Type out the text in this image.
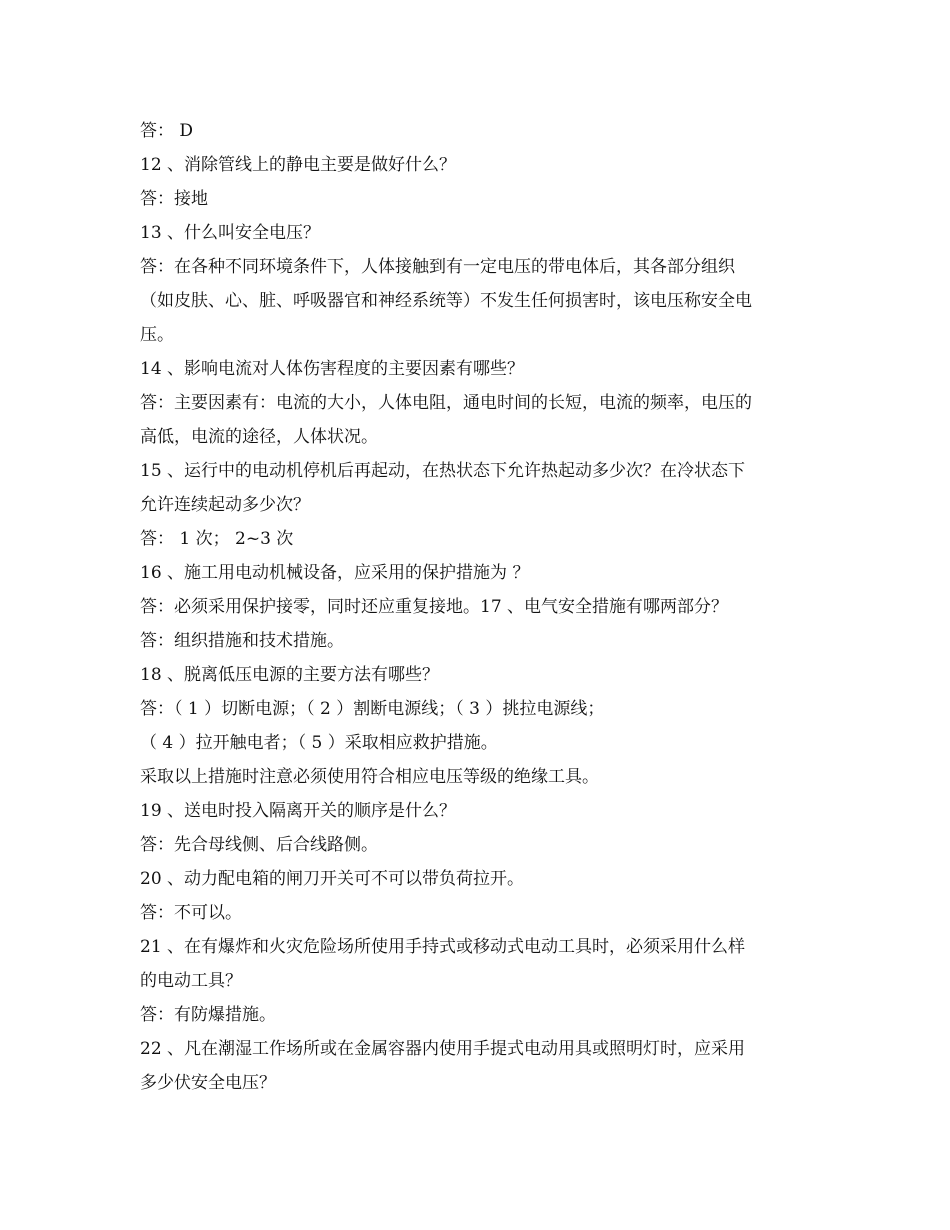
答： D
12 、消除管线上的静电主要是做好什么？
答：接地
13 、什么叫安全电压？
答：在各种不同环境条件下，人体接触到有一定电压的带电体后，其各部分组织
（如皮肤、心、脏、呼吸器官和神经系统等）不发生任何损害时，该电压称安全电
压。
14 、影响电流对人体伤害程度的主要因素有哪些？
答：主要因素有：电流的大小，人体电阻，通电时间的长短，电流的频率，电压的
高低，电流的途径，人体状况。
15 、运行中的电动机停机后再起动，在热状态下允许热起动多少次？在冷状态下
允许连续起动多少次？
答： 1 次； 2~3 次
16 、施工用电动机械设备，应采用的保护措施为 ？
答：必须采用保护接零，同时还应重复接地。17 、电气安全措施有哪两部分？
答：组织措施和技术措施。
18 、脱离低压电源的主要方法有哪些？
答：（ 1 ）切断电源；（ 2 ）割断电源线；（ 3 ）挑拉电源线；
（ 4 ）拉开触电者；（ 5 ）采取相应救护措施。
采取以上措施时注意必须使用符合相应电压等级的绝缘工具。
19 、送电时投入隔离开关的顺序是什么？
答：先合母线侧、后合线路侧。
20 、动力配电箱的闸刀开关可不可以带负荷拉开。
答：不可以。
21 、在有爆炸和火灾危险场所使用手持式或移动式电动工具时，必须采用什么样
的电动工具？
答：有防爆措施。
22 、凡在潮湿工作场所或在金属容器内使用手提式电动用具或照明灯时，应采用
多少伏安全电压？
